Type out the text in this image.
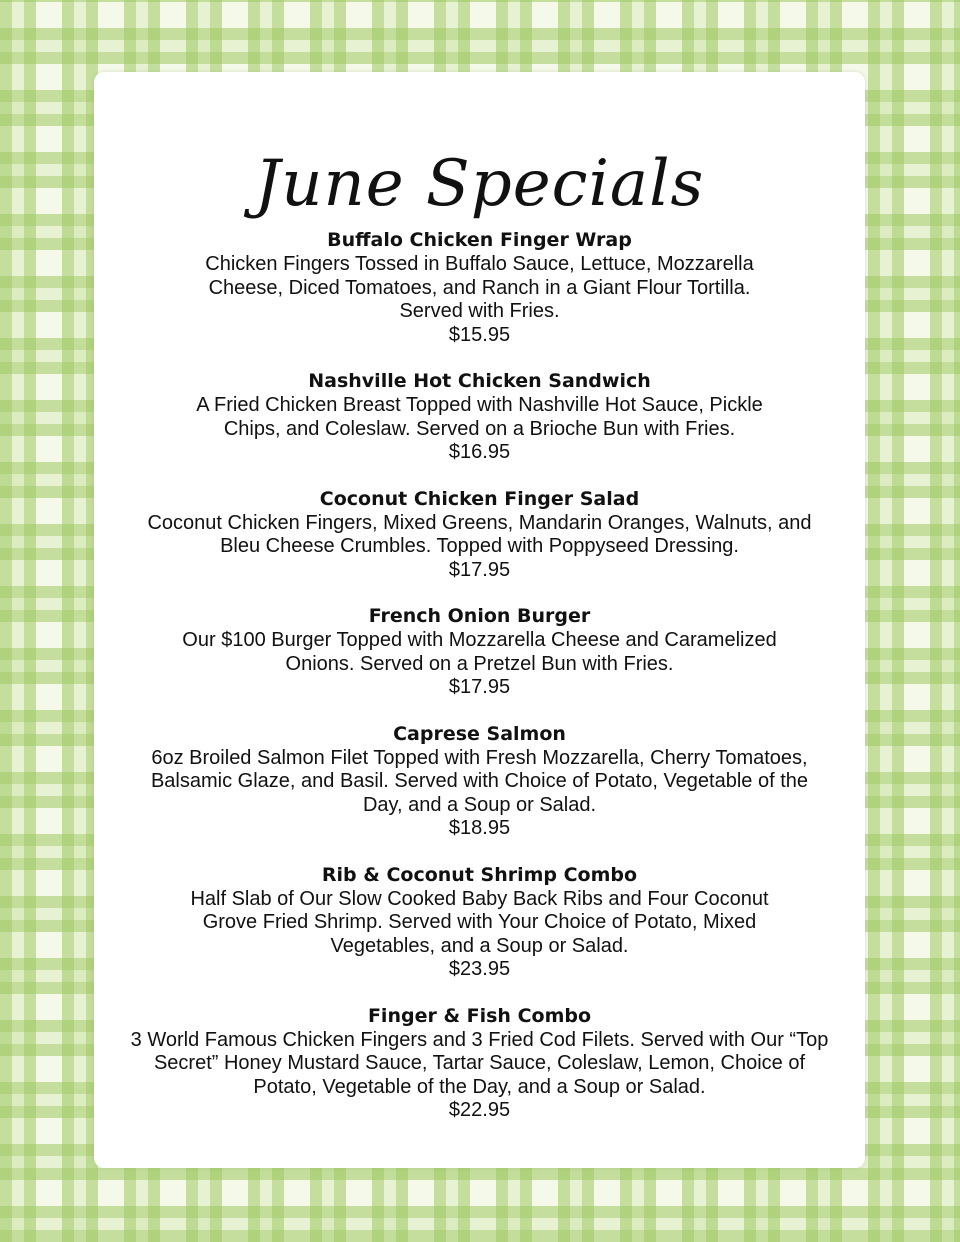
June Specials

Buffalo Chicken Finger Wrap

Chicken Fingers Tossed in Buffalo Sauce, Lettuce, Mozzarella Cheese, Diced Tomatoes, and Ranch in a Giant Flour Tortilla. Served with Fries.

$15.95

Nashville Hot Chicken Sandwich

A Fried Chicken Breast Topped with Nashville Hot Sauce, Pickle Chips, and Coleslaw. Served on a Brioche Bun with Fries.

$16.95

Coconut Chicken Finger Salad

Coconut Chicken Fingers, Mixed Greens, Mandarin Oranges, Walnuts, and Bleu Cheese Crumbles. Topped with Poppyseed Dressing.

$17.95

French Onion Burger

Our $100 Burger Topped with Mozzarella Cheese and Caramelized Onions. Served on a Pretzel Bun with Fries.

$17.95

Caprese Salmon

6oz Broiled Salmon Filet Topped with Fresh Mozzarella, Cherry Tomatoes, Balsamic Glaze, and Basil. Served with Choice of Potato, Vegetable of the Day, and a Soup or Salad.

$18.95

Rib & Coconut Shrimp Combo

Half Slab of Our Slow Cooked Baby Back Ribs and Four Coconut Grove Fried Shrimp. Served with Your Choice of Potato, Mixed Vegetables, and a Soup or Salad.

$23.95

Finger & Fish Combo

3 World Famous Chicken Fingers and 3 Fried Cod Filets. Served with Our “Top Secret” Honey Mustard Sauce, Tartar Sauce, Coleslaw, Lemon, Choice of Potato, Vegetable of the Day, and a Soup or Salad.

$22.95
